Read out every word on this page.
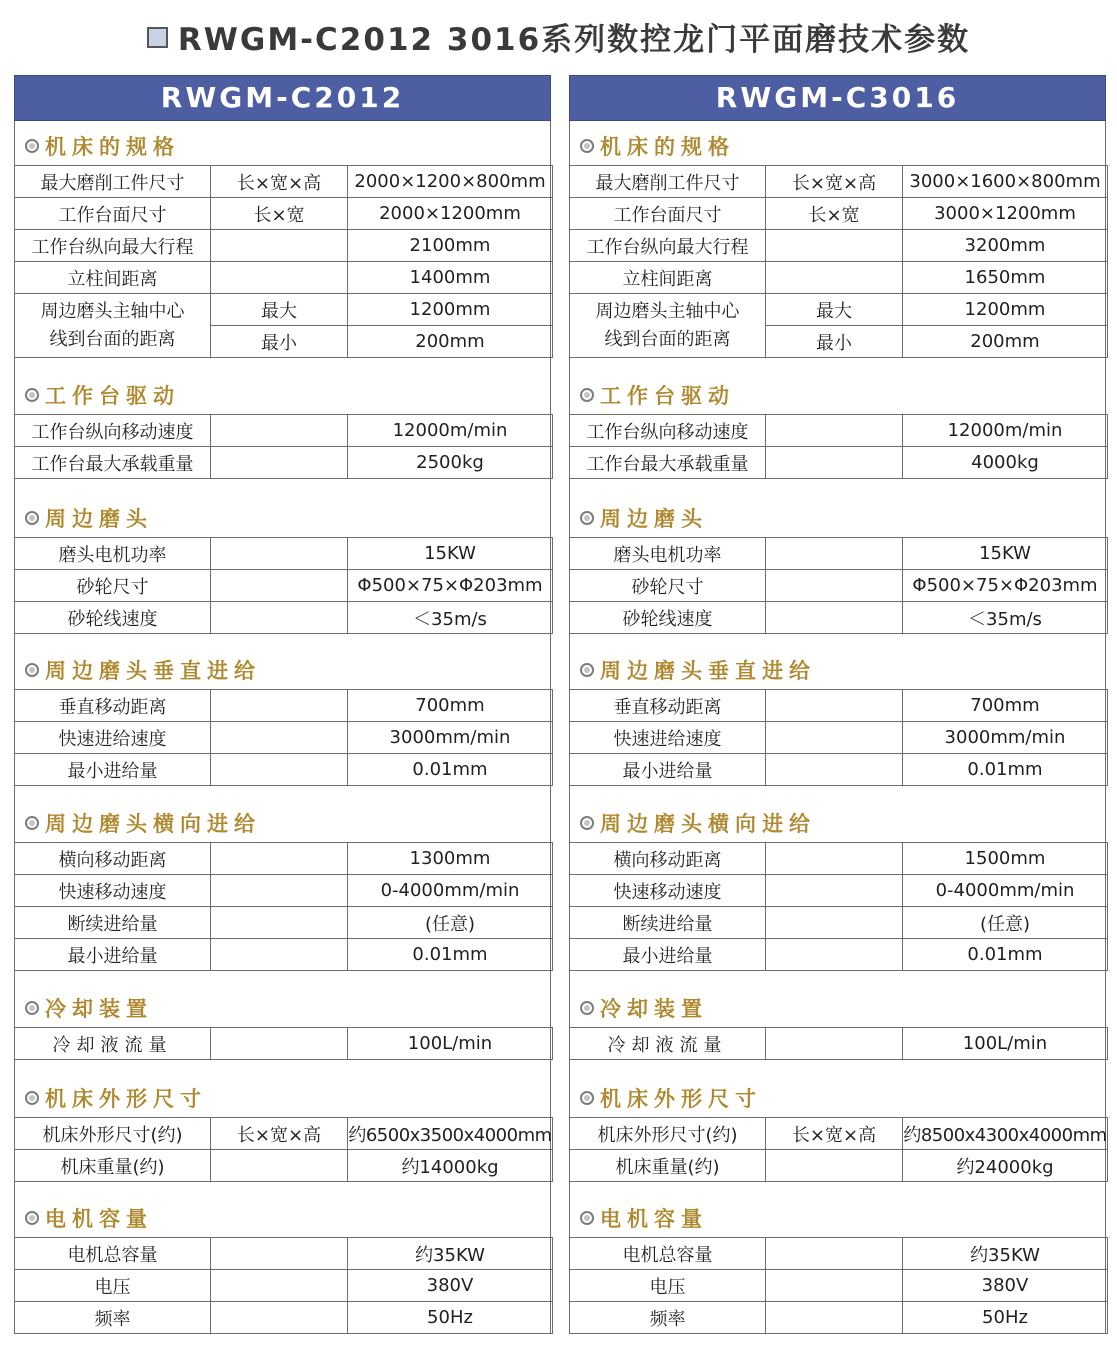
RWGM-C2012 3016系列数控龙门平面磨技术参数
RWGM-C2012
机床的规格
最大磨削工件尺寸	长×宽×高	2000×1200×800mm
工作台面尺寸	长×宽	2000×1200mm
工作台纵向最大行程		2100mm
立柱间距离		1400mm

周边磨头主轴中心
线到台面的距离	最大	1200mm
	最小	200mm
工作台驱动
工作台纵向移动速度		12000m/min
工作台最大承载重量		2500kg
周边磨头
磨头电机功率		15KW
砂轮尺寸		Φ500×75×Φ203mm
砂轮线速度		＜35m/s
周边磨头垂直进给
垂直移动距离		700mm
快速进给速度		3000mm/min
最小进给量		0.01mm
周边磨头横向进给
横向移动距离		1300mm
快速移动速度		0-4000mm/min
断续进给量		(任意)
最小进给量		0.01mm
冷却装置
冷却液流量		100L/min
机床外形尺寸
机床外形尺寸(约)	长×宽×高	约6500x3500x4000mm
机床重量(约)		约14000kg
电机容量
电机总容量		约35KW
电压		380V
频率		50Hz
RWGM-C3016
机床的规格
最大磨削工件尺寸	长×宽×高	3000×1600×800mm
工作台面尺寸	长×宽	3000×1200mm
工作台纵向最大行程		3200mm
立柱间距离		1650mm

周边磨头主轴中心
线到台面的距离	最大	1200mm
	最小	200mm
工作台驱动
工作台纵向移动速度		12000m/min
工作台最大承载重量		4000kg
周边磨头
磨头电机功率		15KW
砂轮尺寸		Φ500×75×Φ203mm
砂轮线速度		＜35m/s
周边磨头垂直进给
垂直移动距离		700mm
快速进给速度		3000mm/min
最小进给量		0.01mm
周边磨头横向进给
横向移动距离		1500mm
快速移动速度		0-4000mm/min
断续进给量		(任意)
最小进给量		0.01mm
冷却装置
冷却液流量		100L/min
机床外形尺寸
机床外形尺寸(约)	长×宽×高	约8500x4300x4000mm
机床重量(约)		约24000kg
电机容量
电机总容量		约35KW
电压		380V
频率		50Hz
